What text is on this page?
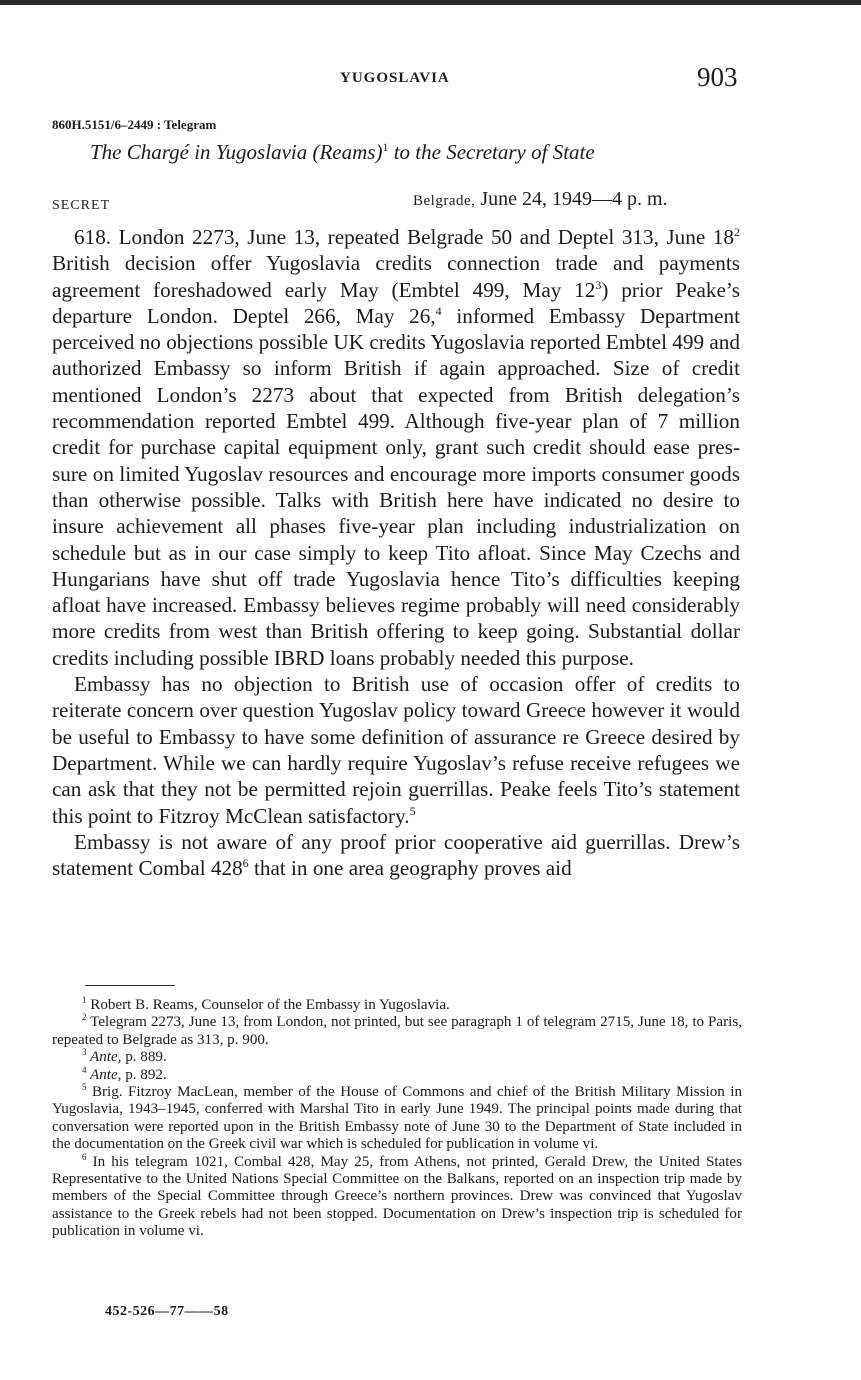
YUGOSLAVIA	903
860H.5151/6–2449 : Telegram
The Chargé in Yugoslavia (Reams)$^1$ to the Secretary of State
SECRET	Belgrade, June 24, 1949—4 p. m.

618. London 2273, June 13, repeated Belgrade 50 and Deptel 313, June $18^2$ British decision offer Yugoslavia credits connection trade and payments agreement foreshadowed early May (Embtel 499, May $12^3$) prior Peake’s departure London. Deptel 266, May 26,$^4$ informed Embassy Department perceived no objections possible UK credits Yugoslavia reported Embtel 499 and authorized Embassy so inform British if again approached. Size of credit mentioned London’s 2273 about that expected from British delegation’s recommendation reported Embtel 499. Although five-year plan of 7 million credit for purchase capital equipment only, grant such credit should ease pressure on limited Yugoslav resources and encourage more imports consumer goods than otherwise possible. Talks with British here have indicated no desire to insure achievement all phases five-year plan including industrialization on schedule but as in our case simply to keep Tito afloat. Since May Czechs and Hungarians have shut off trade Yugoslavia hence Tito’s difficulties keeping afloat have increased. Embassy believes regime probably will need considerably more credits from west than British offering to keep going. Substantial dollar credits including possible IBRD loans probably needed this purpose.

Embassy has no objection to British use of occasion offer of credits to reiterate concern over question Yugoslav policy toward Greece however it would be useful to Embassy to have some definition of assurance re Greece desired by Department. While we can hardly require Yugoslav’s refuse receive refugees we can ask that they not be permitted rejoin guerrillas. Peake feels Tito’s statement this point to Fitzroy McClean satisfactory.$^5$

Embassy is not aware of any proof prior cooperative aid guerrillas. Drew’s statement Combal $428^6$ that in one area geography proves aid

$^1$ Robert B. Reams, Counselor of the Embassy in Yugoslavia.

$^2$ Telegram 2273, June 13, from London, not printed, but see paragraph 1 of telegram 2715, June 18, to Paris, repeated to Belgrade as 313, p. 900.

$^3$ Ante, p. 889.

$^4$ Ante, p. 892.

$^5$ Brig. Fitzroy MacLean, member of the House of Commons and chief of the British Military Mission in Yugoslavia, 1943–1945, conferred with Marshal Tito in early June 1949. The principal points made during that conversation were reported upon in the British Embassy note of June 30 to the Department of State included in the documentation on the Greek civil war which is scheduled for publication in volume vi.

$^6$ In his telegram 1021, Combal 428, May 25, from Athens, not printed, Gerald Drew, the United States Representative to the United Nations Special Committee on the Balkans, reported on an inspection trip made by members of the Special Committee through Greece’s northern provinces. Drew was convinced that Yugoslav assistance to the Greek rebels had not been stopped. Documentation on Drew’s inspection trip is scheduled for publication in volume vi.

452-526—77——58
